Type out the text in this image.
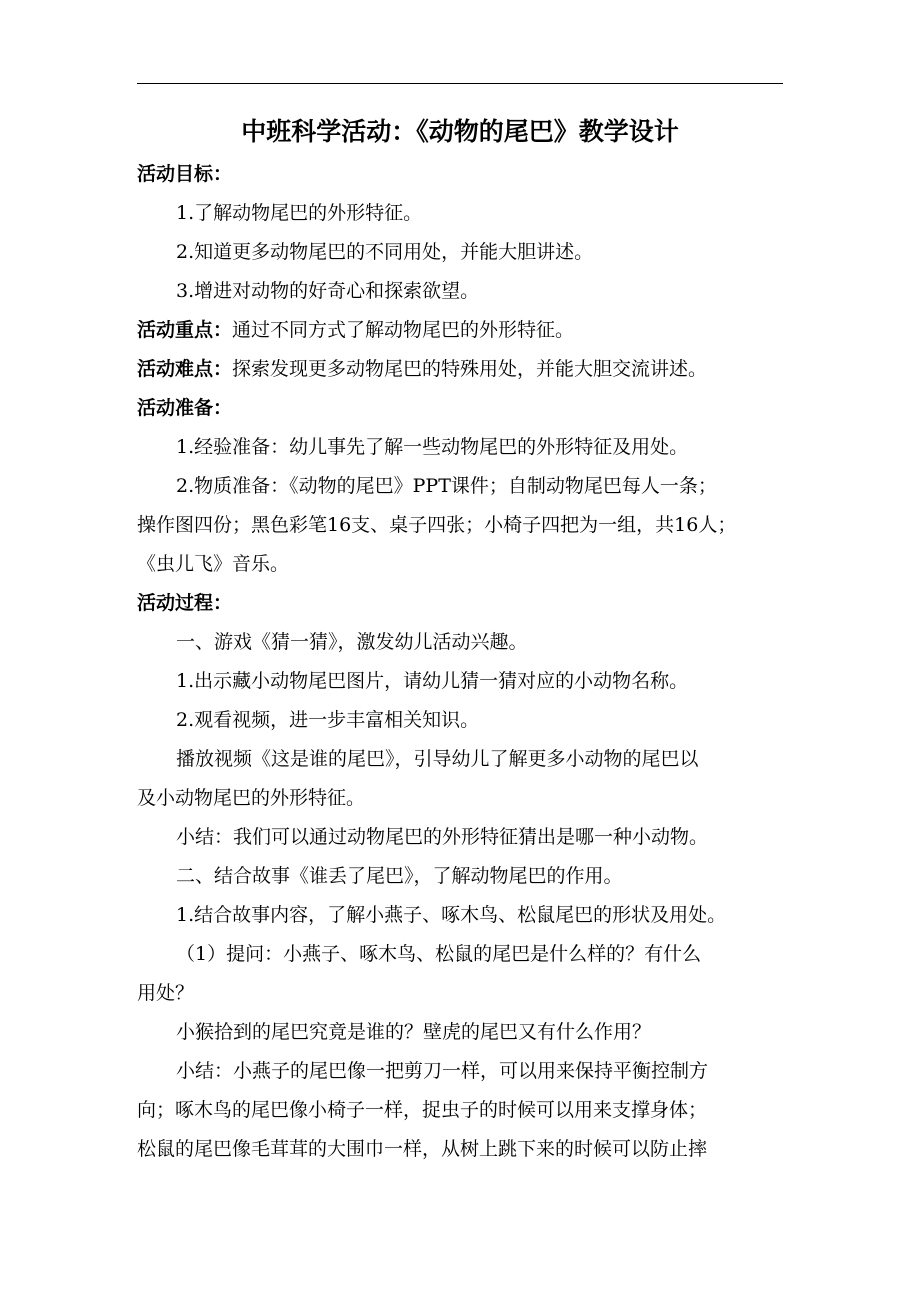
中班科学活动：《动物的尾巴》教学设计
活动目标：
1.了解动物尾巴的外形特征。
2.知道更多动物尾巴的不同用处，并能大胆讲述。
3.增进对动物的好奇心和探索欲望。
活动重点：通过不同方式了解动物尾巴的外形特征。
活动难点：探索发现更多动物尾巴的特殊用处，并能大胆交流讲述。
活动准备：
1.经验准备：幼儿事先了解一些动物尾巴的外形特征及用处。
2.物质准备：《动物的尾巴》PPT课件；自制动物尾巴每人一条；
操作图四份；黑色彩笔16支、桌子四张；小椅子四把为一组，共16人；
《虫儿飞》音乐。
活动过程：
一、游戏《猜一猜》，激发幼儿活动兴趣。
1.出示藏小动物尾巴图片，请幼儿猜一猜对应的小动物名称。
2.观看视频，进一步丰富相关知识。
播放视频《这是谁的尾巴》，引导幼儿了解更多小动物的尾巴以
及小动物尾巴的外形特征。
小结：我们可以通过动物尾巴的外形特征猜出是哪一种小动物。
二、结合故事《谁丢了尾巴》，了解动物尾巴的作用。
1.结合故事内容，了解小燕子、啄木鸟、松鼠尾巴的形状及用处。
（1）提问：小燕子、啄木鸟、松鼠的尾巴是什么样的？有什么
用处？
小猴拾到的尾巴究竟是谁的？壁虎的尾巴又有什么作用？
小结：小燕子的尾巴像一把剪刀一样，可以用来保持平衡控制方
向；啄木鸟的尾巴像小椅子一样，捉虫子的时候可以用来支撑身体；
松鼠的尾巴像毛茸茸的大围巾一样，从树上跳下来的时候可以防止摔
